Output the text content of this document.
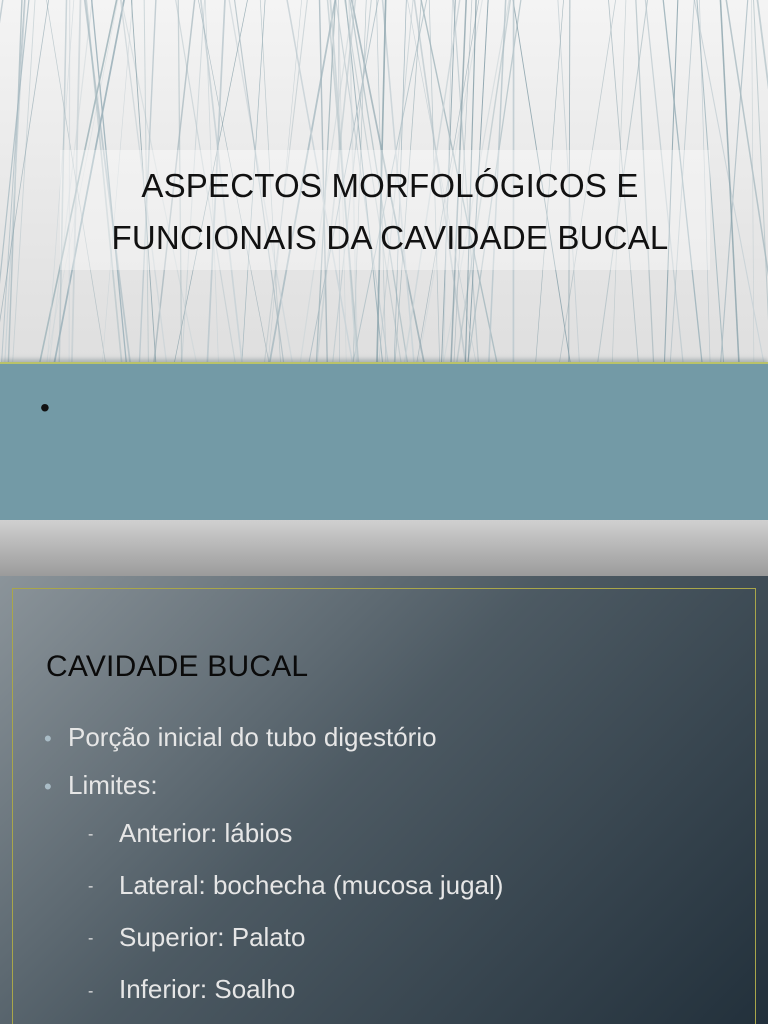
ASPECTOS MORFOLÓGICOS E
FUNCIONAIS DA CAVIDADE BUCAL
•
CAVIDADE BUCAL
• Porção inicial do tubo digestório
• Limites:
- Anterior: lábios
- Lateral: bochecha (mucosa jugal)
- Superior: Palato
- Inferior: Soalho
